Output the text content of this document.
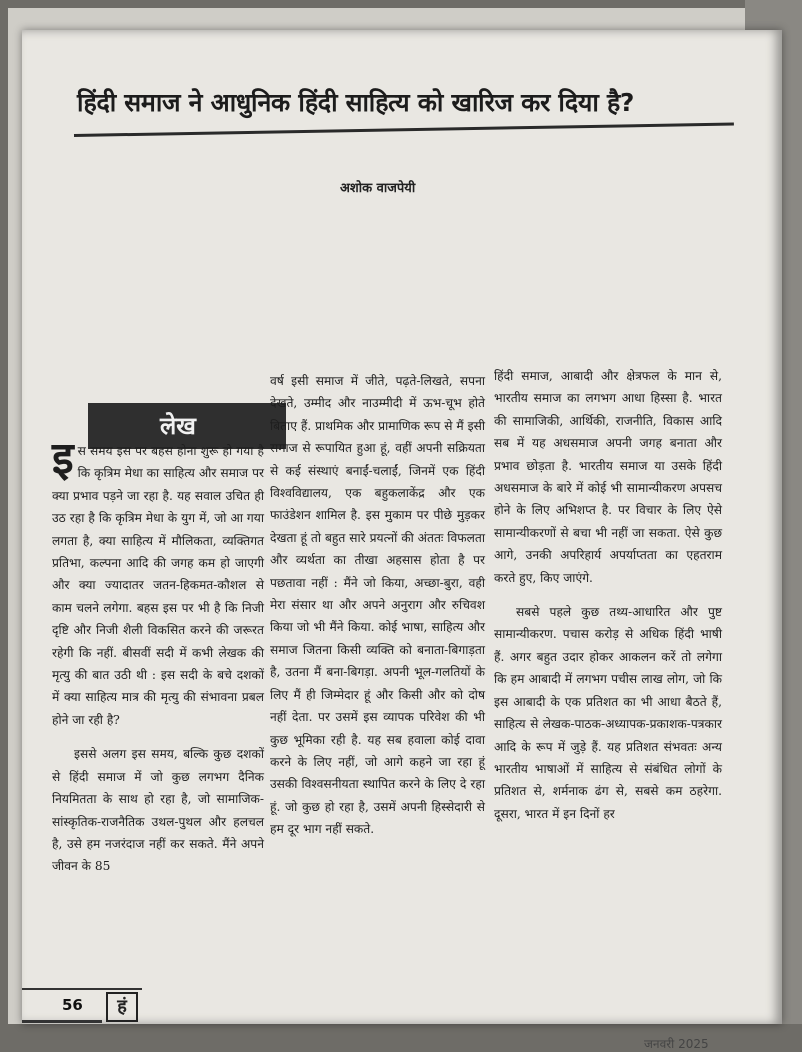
हिंदी समाज ने आधुनिक हिंदी साहित्य को खारिज कर दिया है?
अशोक वाजपेयी
लेख

इस समय इस पर बहस होना शुरू हो गया है कि कृत्रिम मेधा का साहित्य और समाज पर क्या प्रभाव पड़ने जा रहा है. यह सवाल उचित ही उठ रहा है कि कृत्रिम मेधा के युग में, जो आ गया लगता है, क्या साहित्य में मौलिकता, व्यक्तिगत प्रतिभा, कल्पना आदि की जगह कम हो जाएगी और क्या ज्यादातर जतन-हिकमत-कौशल से काम चलने लगेगा. बहस इस पर भी है कि निजी दृष्टि और निजी शैली विकसित करने की जरूरत रहेगी कि नहीं. बीसवीं सदी में कभी लेखक की मृत्यु की बात उठी थी : इस सदी के बचे दशकों में क्या साहित्य मात्र की मृत्यु की संभावना प्रबल होने जा रही है?

इससे अलग इस समय, बल्कि कुछ दशकों से हिंदी समाज में जो कुछ लगभग दैनिक नियमितता के साथ हो रहा है, जो सामाजिक-सांस्कृतिक-राजनैतिक उथल-पुथल और हलचल है, उसे हम नजरंदाज नहीं कर सकते. मैंने अपने जीवन के 85

वर्ष इसी समाज में जीते, पढ़ते-लिखते, सपना देखते, उम्मीद और नाउम्मीदी में ऊभ-चूभ होते बिताए हैं. प्राथमिक और प्रामाणिक रूप से मैं इसी समाज से रूपायित हुआ हूं, वहीं अपनी सक्रियता से कई संस्थाएं बनाईं-चलाईं, जिनमें एक हिंदी विश्वविद्यालय, एक बहुकलाकेंद्र और एक फाउंडेशन शामिल है. इस मुकाम पर पीछे मुड़कर देखता हूं तो बहुत सारे प्रयत्नों की अंततः विफलता और व्यर्थता का तीखा अहसास होता है पर पछतावा नहीं : मैंने जो किया, अच्छा-बुरा, वही मेरा संसार था और अपने अनुराग और रुचिवश किया जो भी मैंने किया. कोई भाषा, साहित्य और समाज जितना किसी व्यक्ति को बनाता-बिगाड़ता है, उतना मैं बना-बिगड़ा. अपनी भूल-गलतियों के लिए मैं ही जिम्मेदार हूं और किसी और को दोष नहीं देता. पर उसमें इस व्यापक परिवेश की भी कुछ भूमिका रही है. यह सब हवाला कोई दावा करने के लिए नहीं, जो आगे कहने जा रहा हूं उसकी विश्वसनीयता स्थापित करने के लिए दे रहा हूं. जो कुछ हो रहा है, उसमें अपनी हिस्सेदारी से हम दूर भाग नहीं सकते.

हिंदी समाज, आबादी और क्षेत्रफल के मान से, भारतीय समाज का लगभग आधा हिस्सा है. भारत की सामाजिकी, आर्थिकी, राजनीति, विकास आदि सब में यह अधसमाज अपनी जगह बनाता और प्रभाव छोड़ता है. भारतीय समाज या उसके हिंदी अधसमाज के बारे में कोई भी सामान्यीकरण अपसच होने के लिए अभिशप्त है. पर विचार के लिए ऐसे सामान्यीकरणों से बचा भी नहीं जा सकता. ऐसे कुछ आगे, उनकी अपरिहार्य अपर्याप्तता का एहतराम करते हुए, किए जाएंगे.

सबसे पहले कुछ तथ्य-आधारित और पुष्ट सामान्यीकरण. पचास करोड़ से अधिक हिंदी भाषी हैं. अगर बहुत उदार होकर आकलन करें तो लगेगा कि हम आबादी में लगभग पचीस लाख लोग, जो कि इस आबादी के एक प्रतिशत का भी आधा बैठते हैं, साहित्य से लेखक-पाठक-अध्यापक-प्रकाशक-पत्रकार आदि के रूप में जुड़े हैं. यह प्रतिशत संभवतः अन्य भारतीय भाषाओं में साहित्य से संबंधित लोगों के प्रतिशत से, शर्मनाक ढंग से, सबसे कम ठहरेगा. दूसरा, भारत में इन दिनों हर

56	हं
जनवरी 2025
